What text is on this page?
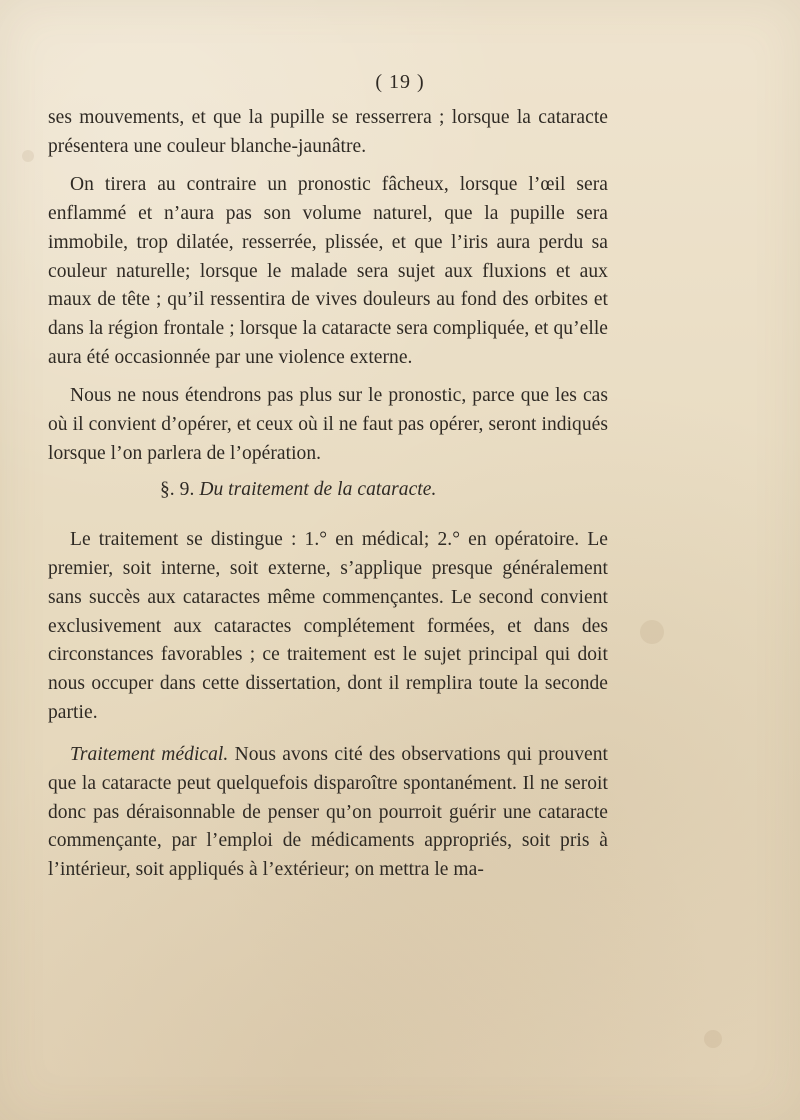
( 19 )

ses mouvements, et que la pupille se resserrera ; lorsque la cataracte présentera une couleur blanche-jaunâtre.

On tirera au contraire un pronostic fâcheux, lorsque l’œil sera enflammé et n’aura pas son volume naturel, que la pupille sera immobile, trop dilatée, resserrée, plissée, et que l’iris aura perdu sa couleur naturelle; lorsque le malade sera sujet aux fluxions et aux maux de tête ; qu’il ressentira de vives douleurs au fond des orbites et dans la région frontale ; lorsque la cataracte sera compliquée, et qu’elle aura été occasionnée par une violence externe.

Nous ne nous étendrons pas plus sur le pronostic, parce que les cas où il convient d’opérer, et ceux où il ne faut pas opérer, seront indiqués lorsque l’on parlera de l’opération.

§. 9. Du traitement de la cataracte.

Le traitement se distingue : 1.° en médical; 2.° en opératoire. Le premier, soit interne, soit externe, s’applique presque généralement sans succès aux cataractes même commençantes. Le second convient exclusivement aux cataractes complétement formées, et dans des circonstances favorables ; ce traitement est le sujet principal qui doit nous occuper dans cette dissertation, dont il remplira toute la seconde partie.

Traitement médical. Nous avons cité des observations qui prouvent que la cataracte peut quelquefois disparoître spontanément. Il ne seroit donc pas déraisonnable de penser qu’on pourroit guérir une cataracte commençante, par l’emploi de médicaments appropriés, soit pris à l’intérieur, soit appliqués à l’extérieur; on mettra le ma-
